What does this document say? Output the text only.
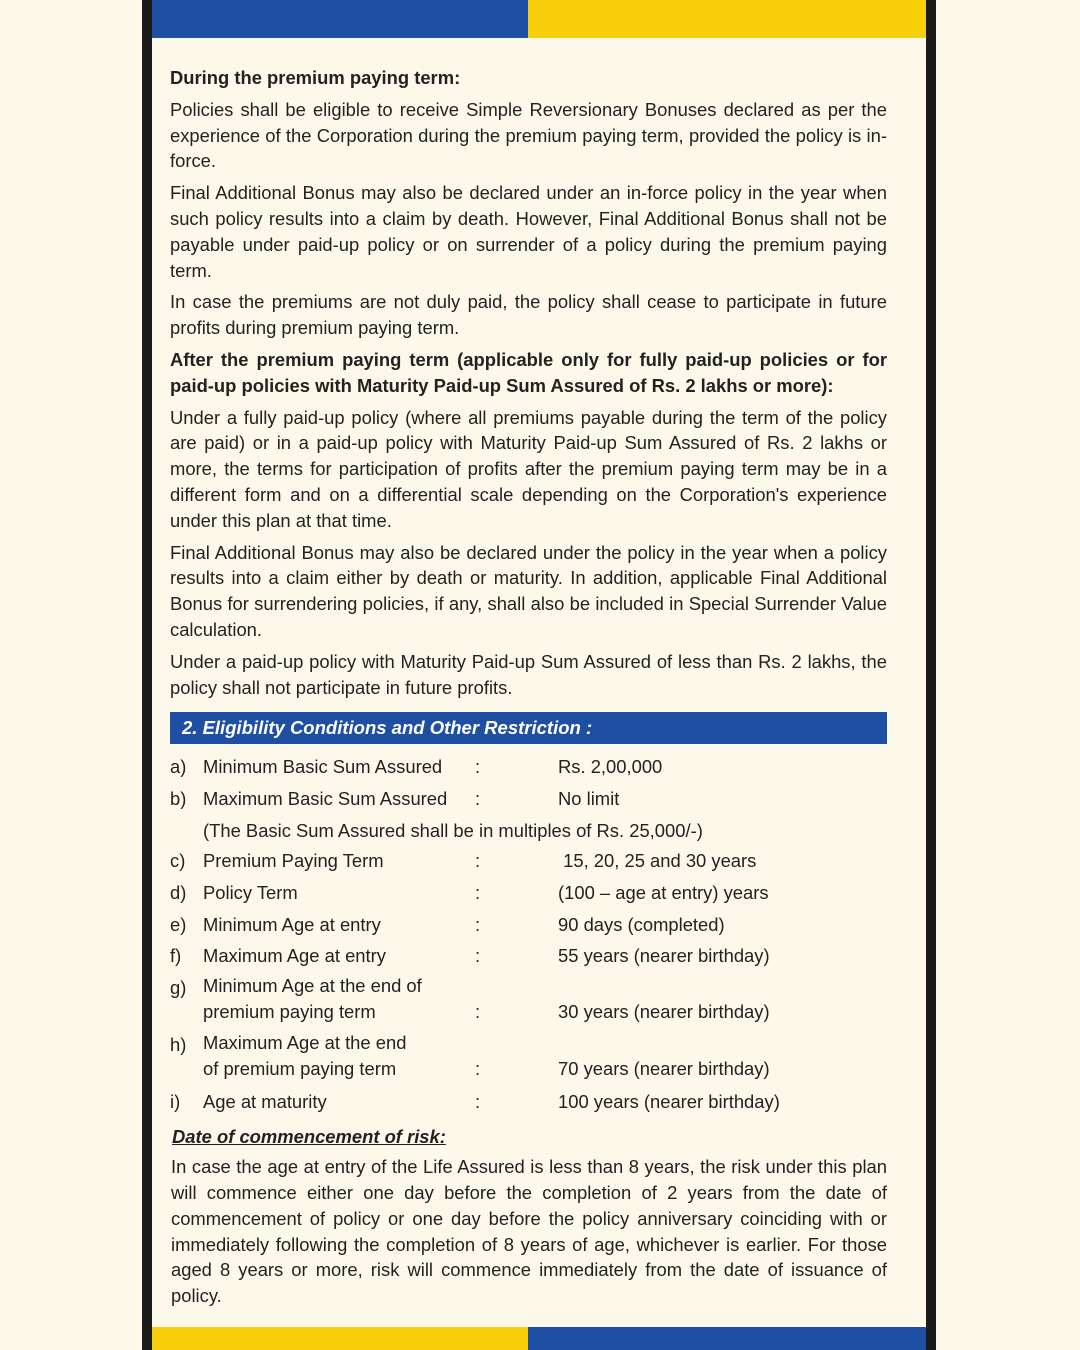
During the premium paying term:

Policies shall be eligible to receive Simple Reversionary Bonuses declared as per the experience of the Corporation during the premium paying term, provided the policy is in-force.

Final Additional Bonus may also be declared under an in-force policy in the year when such policy results into a claim by death. However, Final Additional Bonus shall not be payable under paid-up policy or on surrender of a policy during the premium paying term.

In case the premiums are not duly paid, the policy shall cease to participate in future profits during premium paying term.

After the premium paying term (applicable only for fully paid-up policies or for paid-up policies with Maturity Paid-up Sum Assured of Rs. 2 lakhs or more):

Under a fully paid-up policy (where all premiums payable during the term of the policy are paid) or in a paid-up policy with Maturity Paid-up Sum Assured of Rs. 2 lakhs or more, the terms for participation of profits after the premium paying term may be in a different form and on a differential scale depending on the Corporation's experience under this plan at that time.

Final Additional Bonus may also be declared under the policy in the year when a policy results into a claim either by death or maturity. In addition, applicable Final Additional Bonus for surrendering policies, if any, shall also be included in Special Surrender Value calculation.

Under a paid-up policy with Maturity Paid-up Sum Assured of less than Rs. 2 lakhs, the policy shall not participate in future profits.

2. Eligibility Conditions and Other Restriction :
a) Minimum Basic Sum Assured	:	Rs. 2,00,000
b) Maximum Basic Sum Assured	:	No limit
(The Basic Sum Assured shall be in multiples of Rs. 25,000/-)
c) Premium Paying Term	:	15, 20, 25 and 30 years
d) Policy Term	:	(100 – age at entry) years
e) Minimum Age at entry	:	90 days (completed)
f)	Maximum Age at entry	:	55 years (nearer birthday)
g) Minimum Age at the end of
premium paying term	:	30 years (nearer birthday)
h) Maximum Age at the end
of premium paying term	:	70 years (nearer birthday)
i)	Age at maturity	:	100 years (nearer birthday)
Date of commencement of risk:

In case the age at entry of the Life Assured is less than 8 years, the risk under this plan will commence either one day before the completion of 2 years from the date of commencement of policy or one day before the policy anniversary coinciding with or immediately following the completion of 8 years of age, whichever is earlier. For those aged 8 years or more, risk will commence immediately from the date of issuance of policy.
